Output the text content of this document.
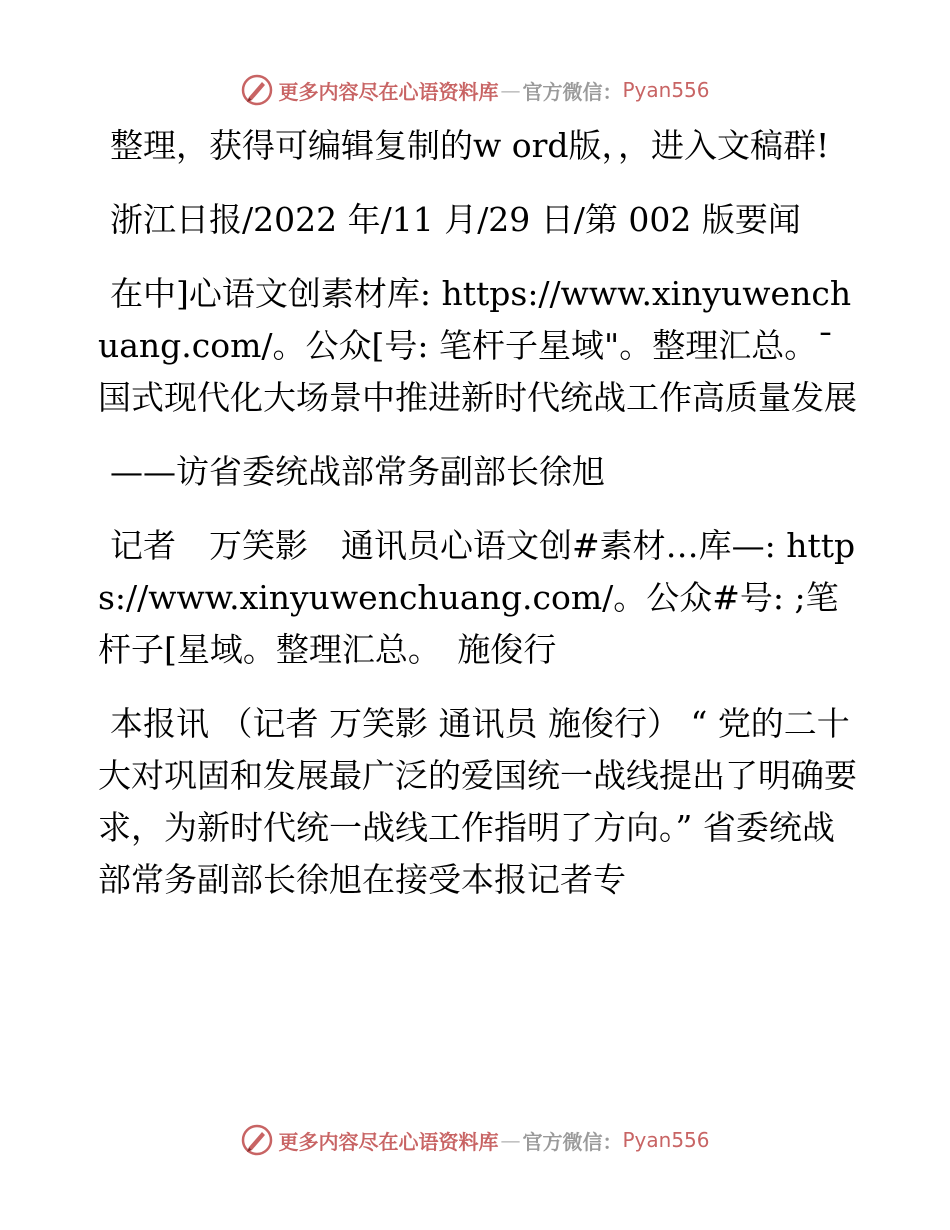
更多内容尽在心语资料库 — 官方微信： Pyan556

整理，获得可编辑复制的w ord版，，进入文稿群!

浙江日报/2022 年/11 月/29 日/第 002 版要闻

在中]心语文创素材库: https://www.xinyuwenchuang.com/。公众[号: 笔杆子星域"。整理汇总。¯国式现代化大场景中推进新时代统战工作高质量发展

——访省委统战部常务副部长徐旭

记者　万笑影　通讯员心语文创#素材…库—: https://www.xinyuwenchuang.com/。公众#号: ;笔杆子[星域。整理汇总。　施俊行

本报讯 （记者 万笑影 通讯员 施俊行） “ 党的二十大对巩固和发展最广泛的爱国统一战线提出了明确要求，为新时代统一战线工作指明了方向。” 省委统战部常务副部长徐旭在接受本报记者专

更多内容尽在心语资料库 — 官方微信： Pyan556
